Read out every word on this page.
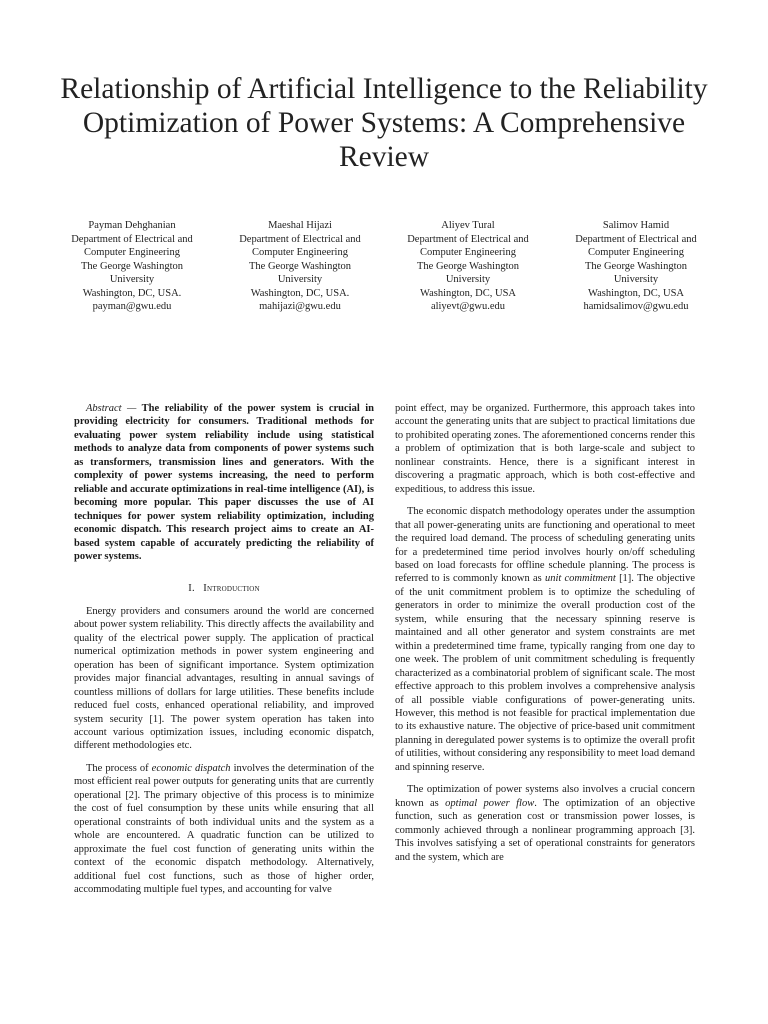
Relationship of Artificial Intelligence to the Reliability Optimization of Power Systems: A Comprehensive Review
Payman Dehghanian
Department of Electrical and
Computer Engineering
The George Washington
University
Washington, DC, USA.
payman@gwu.edu
Maeshal Hijazi
Department of Electrical and
Computer Engineering
The George Washington
University
Washington, DC, USA.
mahijazi@gwu.edu
Aliyev Tural
Department of Electrical and
Computer Engineering
The George Washington
University
Washington, DC, USA
aliyevt@gwu.edu
Salimov Hamid
Department of Electrical and
Computer Engineering
The George Washington
University
Washington, DC, USA
hamidsalimov@gwu.edu

Abstract — The reliability of the power system is crucial in providing electricity for consumers. Traditional methods for evaluating power system reliability include using statistical methods to analyze data from components of power systems such as transformers, transmission lines and generators. With the complexity of power systems increasing, the need to perform reliable and accurate optimizations in real-time intelligence (AI), is becoming more popular. This paper discusses the use of AI techniques for power system reliability optimization, including economic dispatch. This research project aims to create an AI-based system capable of accurately predicting the reliability of power systems.

I. Introduction

Energy providers and consumers around the world are concerned about power system reliability. This directly affects the availability and quality of the electrical power supply. The application of practical numerical optimization methods in power system engineering and operation has been of significant importance. System optimization provides major financial advantages, resulting in annual savings of countless millions of dollars for large utilities. These benefits include reduced fuel costs, enhanced operational reliability, and improved system security [1]. The power system operation has taken into account various optimization issues, including economic dispatch, different methodologies etc.

The process of economic dispatch involves the determination of the most efficient real power outputs for generating units that are currently operational [2]. The primary objective of this process is to minimize the cost of fuel consumption by these units while ensuring that all operational constraints of both individual units and the system as a whole are encountered. A quadratic function can be utilized to approximate the fuel cost function of generating units within the context of the economic dispatch methodology. Alternatively, additional fuel cost functions, such as those of higher order, accommodating multiple fuel types, and accounting for valve

point effect, may be organized. Furthermore, this approach takes into account the generating units that are subject to practical limitations due to prohibited operating zones. The aforementioned concerns render this a problem of optimization that is both large-scale and subject to nonlinear constraints. Hence, there is a significant interest in discovering a pragmatic approach, which is both cost-effective and expeditious, to address this issue.

The economic dispatch methodology operates under the assumption that all power-generating units are functioning and operational to meet the required load demand. The process of scheduling generating units for a predetermined time period involves hourly on/off scheduling based on load forecasts for offline schedule planning. The process is referred to is commonly known as unit commitment [1]. The objective of the unit commitment problem is to optimize the scheduling of generators in order to minimize the overall production cost of the system, while ensuring that the necessary spinning reserve is maintained and all other generator and system constraints are met within a predetermined time frame, typically ranging from one day to one week. The problem of unit commitment scheduling is frequently characterized as a combinatorial problem of significant scale. The most effective approach to this problem involves a comprehensive analysis of all possible viable configurations of power-generating units. However, this method is not feasible for practical implementation due to its exhaustive nature. The objective of price-based unit commitment planning in deregulated power systems is to optimize the overall profit of utilities, without considering any responsibility to meet load demand and spinning reserve.

The optimization of power systems also involves a crucial concern known as optimal power flow. The optimization of an objective function, such as generation cost or transmission power losses, is commonly achieved through a nonlinear programming approach [3]. This involves satisfying a set of operational constraints for generators and the system, which are
